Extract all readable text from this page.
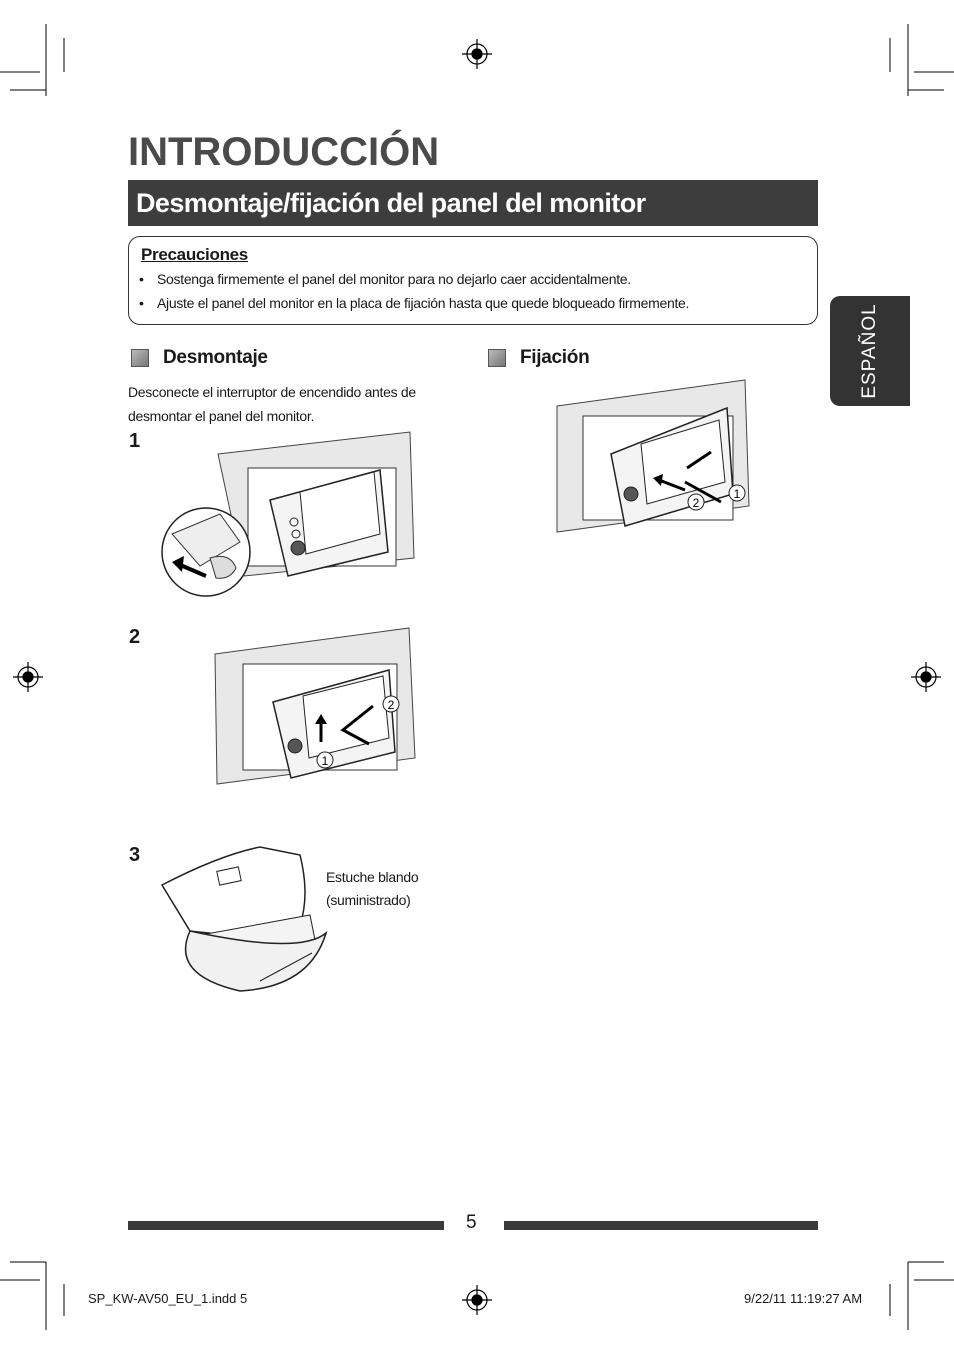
INTRODUCCIÓN
Desmontaje/fijación del panel del monitor
Precauciones
• Sostenga firmemente el panel del monitor para no dejarlo caer accidentalmente.
• Ajuste el panel del monitor en la placa de fijación hasta que quede bloqueado firmemente.
Desmontaje	Fijación
Desconecte el interruptor de encendido antes de
desmontar el panel del monitor.
1
2
3
2
1
2
1
Estuche blando
(suministrado)
ESPAÑOL
5
SP_KW-AV50_EU_1.indd 5	9/22/11 11:19:27 AM
